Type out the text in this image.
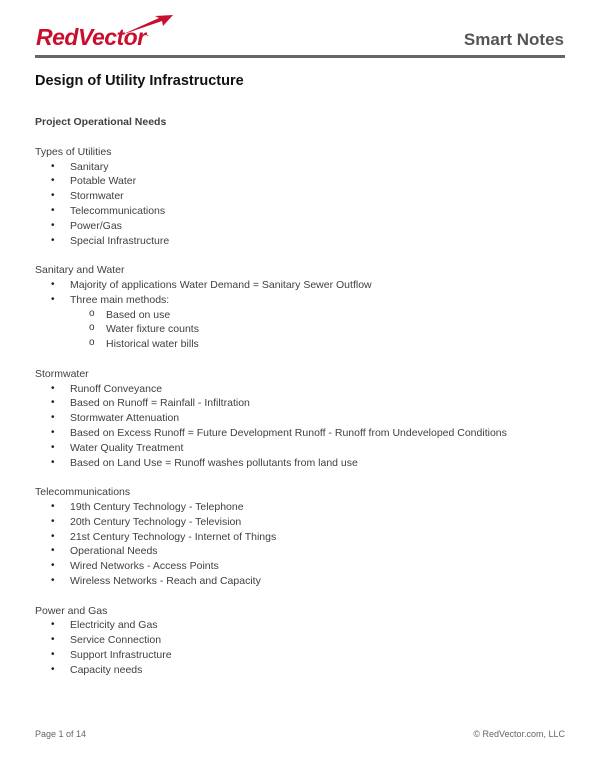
RedVector.	Smart Notes
Design of Utility Infrastructure
Project Operational Needs
Types of Utilities
• Sanitary
• Potable Water
• Stormwater
• Telecommunications
• Power/Gas
• Special Infrastructure
Sanitary and Water
• Majority of applications Water Demand = Sanitary Sewer Outflow
• Three main methods:
o Based on use
o Water fixture counts
o Historical water bills
Stormwater
• Runoff Conveyance
• Based on Runoff = Rainfall - Infiltration
• Stormwater Attenuation
• Based on Excess Runoff = Future Development Runoff - Runoff from Undeveloped Conditions
• Water Quality Treatment
• Based on Land Use = Runoff washes pollutants from land use
Telecommunications
• 19th Century Technology - Telephone
• 20th Century Technology - Television
• 21st Century Technology - Internet of Things
• Operational Needs
• Wired Networks - Access Points
• Wireless Networks - Reach and Capacity
Power and Gas
• Electricity and Gas
• Service Connection
• Support Infrastructure
• Capacity needs
Page 1 of 14	© RedVector.com, LLC
